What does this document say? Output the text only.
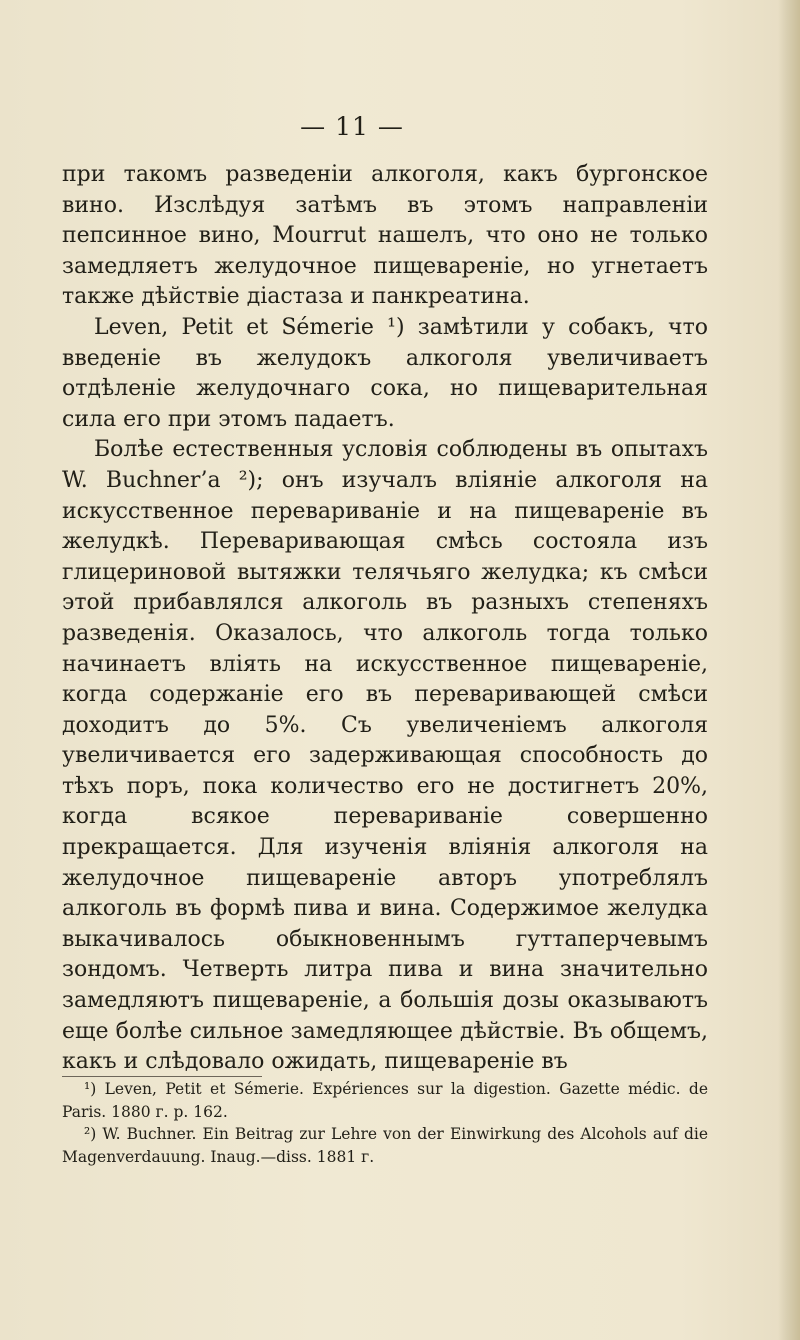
— 11 —

при такомъ разведеніи алкоголя, какъ бургонское вино. Изслѣдуя затѣмъ въ этомъ направленіи пепсинное вино, Mourrut нашелъ, что оно не только замедляетъ желудочное пищевареніе, но угнетаетъ также дѣйствіе діастаза и панкреатина.

Leven, Petit et Sémerie ¹) замѣтили у собакъ, что введеніе въ желудокъ алкоголя увеличиваетъ отдѣленіе желудочнаго сока, но пищеварительная сила его при этомъ падаетъ.

Болѣе естественныя условія соблюдены въ опытахъ W. Buchner’a ²); онъ изучалъ вліяніе алкоголя на искусственное перевариваніе и на пищевареніе въ желудкѣ. Переваривающая смѣсь состояла изъ глицериновой вытяжки телячьяго желудка; къ смѣси этой прибавлялся алкоголь въ разныхъ степеняхъ разведенія. Оказалось, что алкоголь тогда только начинаетъ вліять на искусственное пищевареніе, когда содержаніе его въ переваривающей смѣси доходитъ до 5%. Съ увеличеніемъ алкоголя увеличивается его задерживающая способность до тѣхъ поръ, пока количество его не достигнетъ 20%, когда всякое перевариваніе совершенно прекращается. Для изученія вліянія алкоголя на желудочное пищевареніе авторъ употреблялъ алкоголь въ формѣ пива и вина. Содержимое желудка выкачивалось обыкновеннымъ гуттаперчевымъ зондомъ. Четверть литра пива и вина значительно замедляютъ пищевареніе, а большія дозы оказываютъ еще болѣе сильное замедляющее дѣйствіе. Въ общемъ, какъ и слѣдовало ожидать, пищевареніе въ

¹) Leven, Petit et Sémerie. Expériences sur la digestion. Gazette médic. de Paris. 1880 г. p. 162.

²) W. Buchner. Ein Beitrag zur Lehre von der Einwirkung des Alcohols auf die Magenverdauung. Inaug.—diss. 1881 г.
